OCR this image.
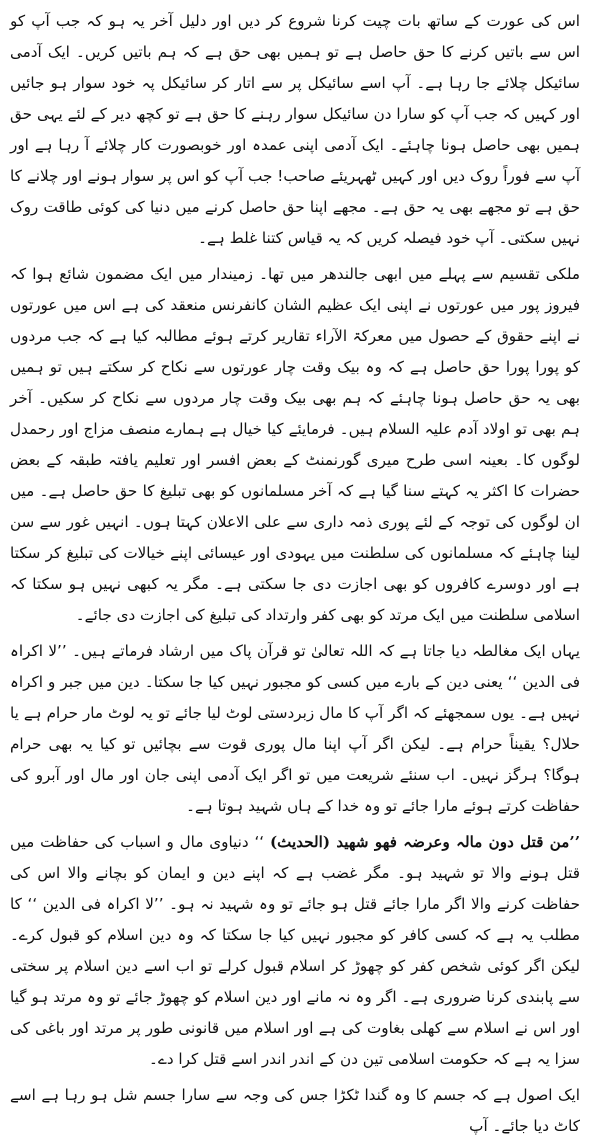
اس کی عورت کے ساتھ بات چیت کرنا شروع کر دیں اور دلیل آخر یہ ہو کہ جب آپ کو اس سے باتیں کرنے کا حق حاصل ہے تو ہمیں بھی حق ہے کہ ہم باتیں کریں۔ ایک آدمی سائیکل چلائے جا رہا ہے۔ آپ اسے سائیکل پر سے اتار کر سائیکل پہ خود سوار ہو جائیں اور کہیں کہ جب آپ کو سارا دن سائیکل سوار رہنے کا حق ہے تو کچھ دیر کے لئے یہی حق ہمیں بھی حاصل ہونا چاہئے۔ ایک آدمی اپنی عمدہ اور خوبصورت کار چلائے آ رہا ہے اور آپ سے فوراً روک دیں اور کہیں ٹھہریئے صاحب! جب آپ کو اس پر سوار ہونے اور چلانے کا حق ہے تو مجھے بھی یہ حق ہے۔ مجھے اپنا حق حاصل کرنے میں دنیا کی کوئی طاقت روک نہیں سکتی۔ آپ خود فیصلہ کریں کہ یہ قیاس کتنا غلط ہے۔

ملکی تقسیم سے پہلے میں ابھی جالندھر میں تھا۔ زمیندار میں ایک مضمون شائع ہوا کہ فیروز پور میں عورتوں نے اپنی ایک عظیم الشان کانفرنس منعقد کی ہے اس میں عورتوں نے اپنے حقوق کے حصول میں معرکۃ الآراء تقاریر کرتے ہوئے مطالبہ کیا ہے کہ جب مردوں کو پورا پورا حق حاصل ہے کہ وہ بیک وقت چار عورتوں سے نکاح کر سکتے ہیں تو ہمیں بھی یہ حق حاصل ہونا چاہئے کہ ہم بھی بیک وقت چار مردوں سے نکاح کر سکیں۔ آخر ہم بھی تو اولاد آدم علیہ السلام ہیں۔ فرمایئے کیا خیال ہے ہمارے منصف مزاج اور رحمدل لوگوں کا۔ بعینہ اسی طرح میری گورنمنٹ کے بعض افسر اور تعلیم یافتہ طبقہ کے بعض حضرات کا اکثر یہ کہتے سنا گیا ہے کہ آخر مسلمانوں کو بھی تبلیغ کا حق حاصل ہے۔ میں ان لوگوں کی توجہ کے لئے پوری ذمہ داری سے علی الاعلان کہتا ہوں۔ انہیں غور سے سن لینا چاہئے کہ مسلمانوں کی سلطنت میں یہودی اور عیسائی اپنے خیالات کی تبلیغ کر سکتا ہے اور دوسرے کافروں کو بھی اجازت دی جا سکتی ہے۔ مگر یہ کبھی نہیں ہو سکتا کہ اسلامی سلطنت میں ایک مرتد کو بھی کفر وارتداد کی تبلیغ کی اجازت دی جائے۔

یہاں ایک مغالطہ دیا جاتا ہے کہ اللہ تعالیٰ تو قرآن پاک میں ارشاد فرماتے ہیں۔ ’’لا اکراہ فی الدین ‘‘ یعنی دین کے بارے میں کسی کو مجبور نہیں کیا جا سکتا۔ دین میں جبر و اکراہ نہیں ہے۔ یوں سمجھئے کہ اگر آپ کا مال زبردستی لوٹ لیا جائے تو یہ لوٹ مار حرام ہے یا حلال؟ یقیناً حرام ہے۔ لیکن اگر آپ اپنا مال پوری قوت سے بچائیں تو کیا یہ بھی حرام ہوگا؟ ہرگز نہیں۔ اب سنئے شریعت میں تو اگر ایک آدمی اپنی جان اور مال اور آبرو کی حفاظت کرتے ہوئے مارا جائے تو وہ خدا کے ہاں شہید ہوتا ہے۔

’’من قتل دون مالہ وعرضہ فھو شھید (الحدیث) ‘‘ دنیاوی مال و اسباب کی حفاظت میں قتل ہونے والا تو شہید ہو۔ مگر غضب ہے کہ اپنے دین و ایمان کو بچانے والا اس کی حفاظت کرنے والا اگر مارا جائے قتل ہو جائے تو وہ شہید نہ ہو۔ ’’لا اکراہ فی الدین ‘‘ کا مطلب یہ ہے کہ کسی کافر کو مجبور نہیں کیا جا سکتا کہ وہ دین اسلام کو قبول کرے۔ لیکن اگر کوئی شخص کفر کو چھوڑ کر اسلام قبول کرلے تو اب اسے دین اسلام پر سختی سے پابندی کرنا ضروری ہے۔ اگر وہ نہ مانے اور دین اسلام کو چھوڑ جائے تو وہ مرتد ہو گیا اور اس نے اسلام سے کھلی بغاوت کی ہے اور اسلام میں قانونی طور پر مرتد اور باغی کی سزا یہ ہے کہ حکومت اسلامی تین دن کے اندر اندر اسے قتل کرا دے۔

ایک اصول ہے کہ جسم کا وہ گندا ٹکڑا جس کی وجہ سے سارا جسم شل ہو رہا ہے اسے کاٹ دیا جائے۔ آپ
